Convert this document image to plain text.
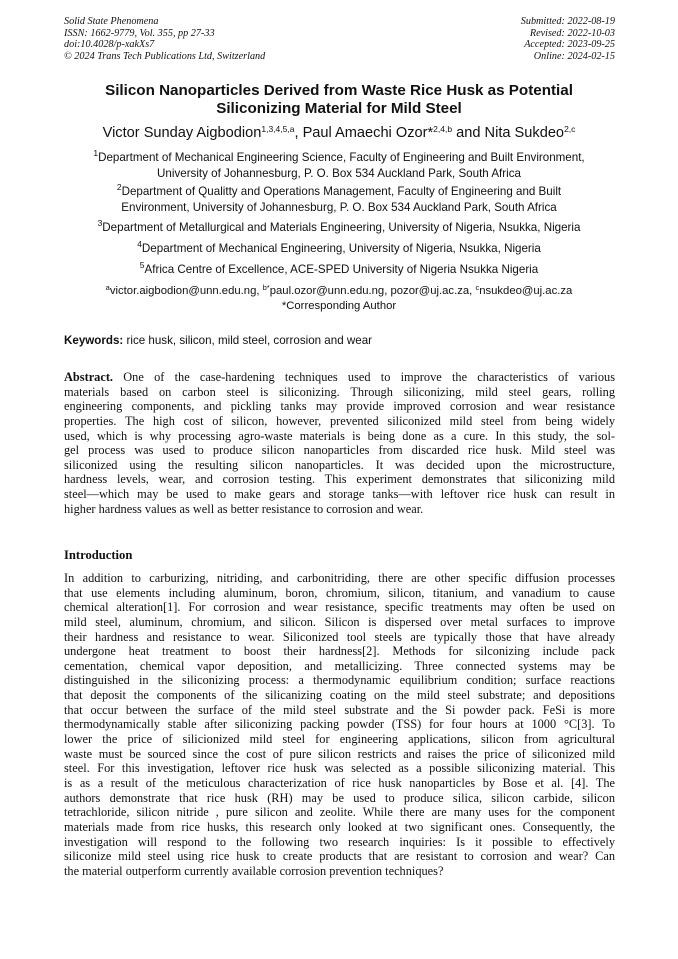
Solid State Phenomena
ISSN: 1662-9779, Vol. 355, pp 27-33
doi:10.4028/p-xakXs7
© 2024 Trans Tech Publications Ltd, Switzerland
Submitted: 2022-08-19
Revised: 2022-10-03
Accepted: 2023-09-25
Online: 2024-02-15
Silicon Nanoparticles Derived from Waste Rice Husk as Potential
Siliconizing Material for Mild Steel
Victor Sunday Aigbodion$^{1,3,4,5,a}$, Paul Amaechi Ozor*$^{2,4,b}$ and Nita Sukdeo$^{2,c}$
$^1$Department of Mechanical Engineering Science, Faculty of Engineering and Built Environment,
University of Johannesburg, P. O. Box 534 Auckland Park, South Africa
$^2$Department of Qualitty and Operations Management, Faculty of Engineering and Built
Environment, University of Johannesburg, P. O. Box 534 Auckland Park, South Africa
$^3$Department of Metallurgical and Materials Engineering, University of Nigeria, Nsukka, Nigeria
$^4$Department of Mechanical Engineering, University of Nigeria, Nsukka, Nigeria
$^5$Africa Centre of Excellence, ACE-SPED University of Nigeria Nsukka Nigeria
$^a$victor.aigbodion@unn.edu.ng, $^{b*}$paul.ozor@unn.edu.ng, pozor@uj.ac.za, $^c$nsukdeo@uj.ac.za
*Corresponding Author
Keywords: rice husk, silicon, mild steel, corrosion and wear
Abstract. One of the case-hardening techniques used to improve the characteristics of various
materials based on carbon steel is siliconizing. Through siliconizing, mild steel gears, rolling
engineering components, and pickling tanks may provide improved corrosion and wear resistance
properties. The high cost of silicon, however, prevented siliconized mild steel from being widely
used, which is why processing agro-waste materials is being done as a cure. In this study, the sol-
gel process was used to produce silicon nanoparticles from discarded rice husk. Mild steel was
siliconized using the resulting silicon nanoparticles. It was decided upon the microstructure,
hardness levels, wear, and corrosion testing. This experiment demonstrates that siliconizing mild
steel—which may be used to make gears and storage tanks—with leftover rice husk can result in
higher hardness values as well as better resistance to corrosion and wear.
Introduction
In addition to carburizing, nitriding, and carbonitriding, there are other specific diffusion processes
that use elements including aluminum, boron, chromium, silicon, titanium, and vanadium to cause
chemical alteration[1]. For corrosion and wear resistance, specific treatments may often be used on
mild steel, aluminum, chromium, and silicon. Silicon is dispersed over metal surfaces to improve
their hardness and resistance to wear. Siliconized tool steels are typically those that have already
undergone heat treatment to boost their hardness[2]. Methods for silconizing include pack
cementation, chemical vapor deposition, and metallicizing. Three connected systems may be
distinguished in the siliconizing process: a thermodynamic equilibrium condition; surface reactions
that deposit the components of the silicanizing coating on the mild steel substrate; and depositions
that occur between the surface of the mild steel substrate and the Si powder pack. FeSi is more
thermodynamically stable after siliconizing packing powder (TSS) for four hours at 1000 °C[3]. To
lower the price of silicionized mild steel for engineering applications, silicon from agricultural
waste must be sourced since the cost of pure silicon restricts and raises the price of siliconized mild
steel. For this investigation, leftover rice husk was selected as a possible siliconizing material. This
is as a result of the meticulous characterization of rice husk nanoparticles by Bose et al. [4]. The
authors demonstrate that rice husk (RH) may be used to produce silica, silicon carbide, silicon
tetrachloride, silicon nitride , pure silicon and zeolite. While there are many uses for the component
materials made from rice husks, this research only looked at two significant ones. Consequently, the
investigation will respond to the following two research inquiries: Is it possible to effectively
siliconize mild steel using rice husk to create products that are resistant to corrosion and wear? Can
the material outperform currently available corrosion prevention techniques?
